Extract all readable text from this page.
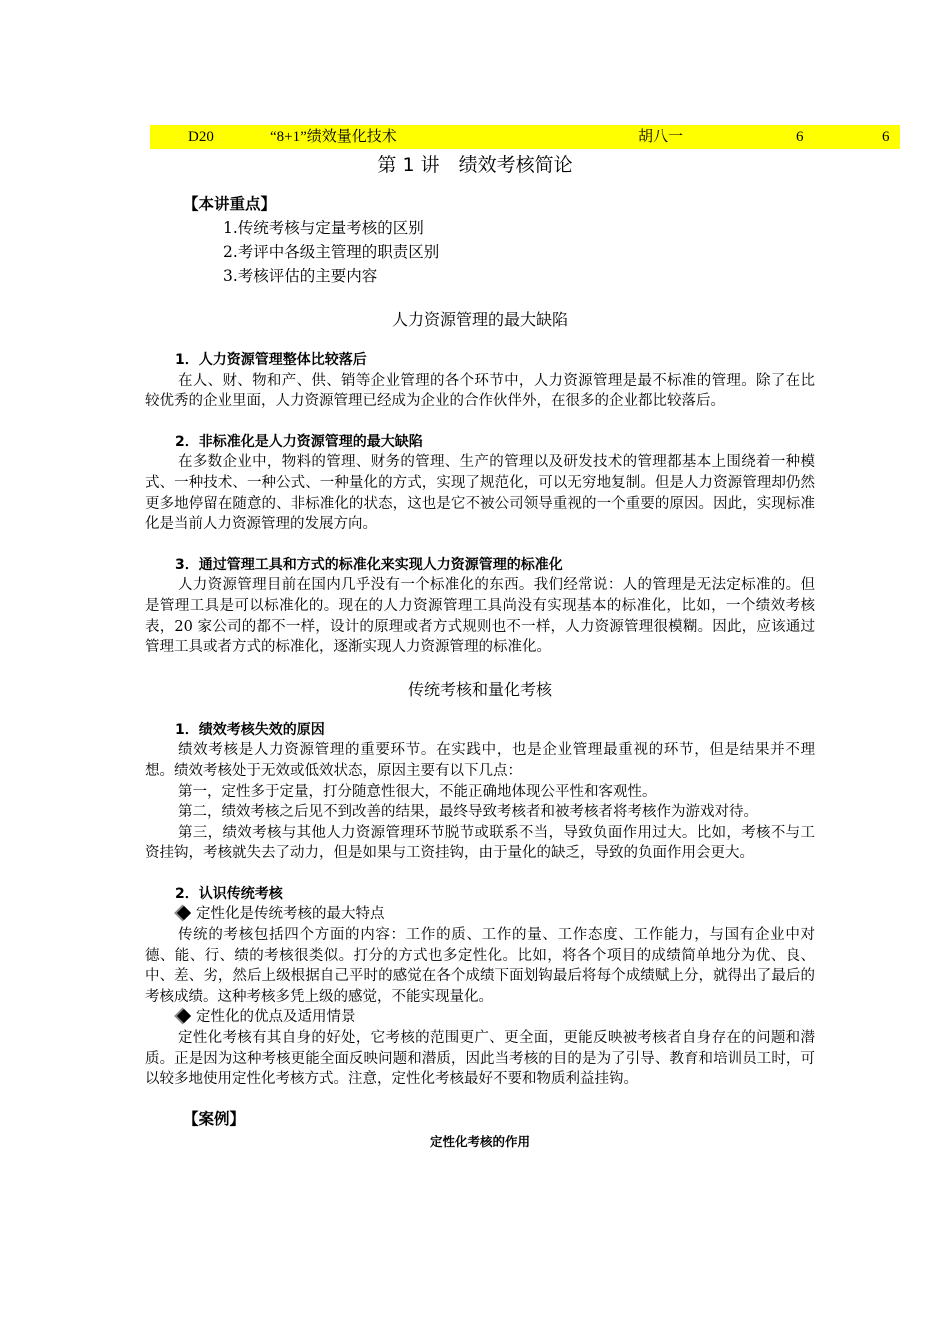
D20	“8+1”绩效量化技术	胡八一	6	6
第 1 讲　绩效考核简论
【本讲重点】
1.传统考核与定量考核的区别
2.考评中各级主管理的职责区别
3.考核评估的主要内容
人力资源管理的最大缺陷
1．人力资源管理整体比较落后

在人、财、物和产、供、销等企业管理的各个环节中，人力资源管理是最不标准的管理。除了在比较优秀的企业里面，人力资源管理已经成为企业的合作伙伴外，在很多的企业都比较落后。

2．非标准化是人力资源管理的最大缺陷

在多数企业中，物料的管理、财务的管理、生产的管理以及研发技术的管理都基本上围绕着一种模式、一种技术、一种公式、一种量化的方式，实现了规范化，可以无穷地复制。但是人力资源管理却仍然更多地停留在随意的、非标准化的状态，这也是它不被公司领导重视的一个重要的原因。因此，实现标准化是当前人力资源管理的发展方向。

3．通过管理工具和方式的标准化来实现人力资源管理的标准化

人力资源管理目前在国内几乎没有一个标准化的东西。我们经常说：人的管理是无法定标准的。但是管理工具是可以标准化的。现在的人力资源管理工具尚没有实现基本的标准化，比如，一个绩效考核表，20 家公司的都不一样，设计的原理或者方式规则也不一样，人力资源管理很模糊。因此，应该通过管理工具或者方式的标准化，逐渐实现人力资源管理的标准化。

传统考核和量化考核
1．绩效考核失效的原因

绩效考核是人力资源管理的重要环节。在实践中，也是企业管理最重视的环节，但是结果并不理想。绩效考核处于无效或低效状态，原因主要有以下几点：

第一，定性多于定量，打分随意性很大，不能正确地体现公平性和客观性。

第二，绩效考核之后见不到改善的结果，最终导致考核者和被考核者将考核作为游戏对待。

第三，绩效考核与其他人力资源管理环节脱节或联系不当，导致负面作用过大。比如，考核不与工资挂钩，考核就失去了动力，但是如果与工资挂钩，由于量化的缺乏，导致的负面作用会更大。

2．认识传统考核
定性化是传统考核的最大特点

传统的考核包括四个方面的内容：工作的质、工作的量、工作态度、工作能力，与国有企业中对德、能、行、绩的考核很类似。打分的方式也多定性化。比如，将各个项目的成绩简单地分为优、良、中、差、劣，然后上级根据自己平时的感觉在各个成绩下面划钩最后将每个成绩赋上分，就得出了最后的考核成绩。这种考核多凭上级的感觉，不能实现量化。

定性化的优点及适用情景

定性化考核有其自身的好处，它考核的范围更广、更全面，更能反映被考核者自身存在的问题和潜质。正是因为这种考核更能全面反映问题和潜质，因此当考核的目的是为了引导、教育和培训员工时，可以较多地使用定性化考核方式。注意，定性化考核最好不要和物质利益挂钩。

【案例】
定性化考核的作用
